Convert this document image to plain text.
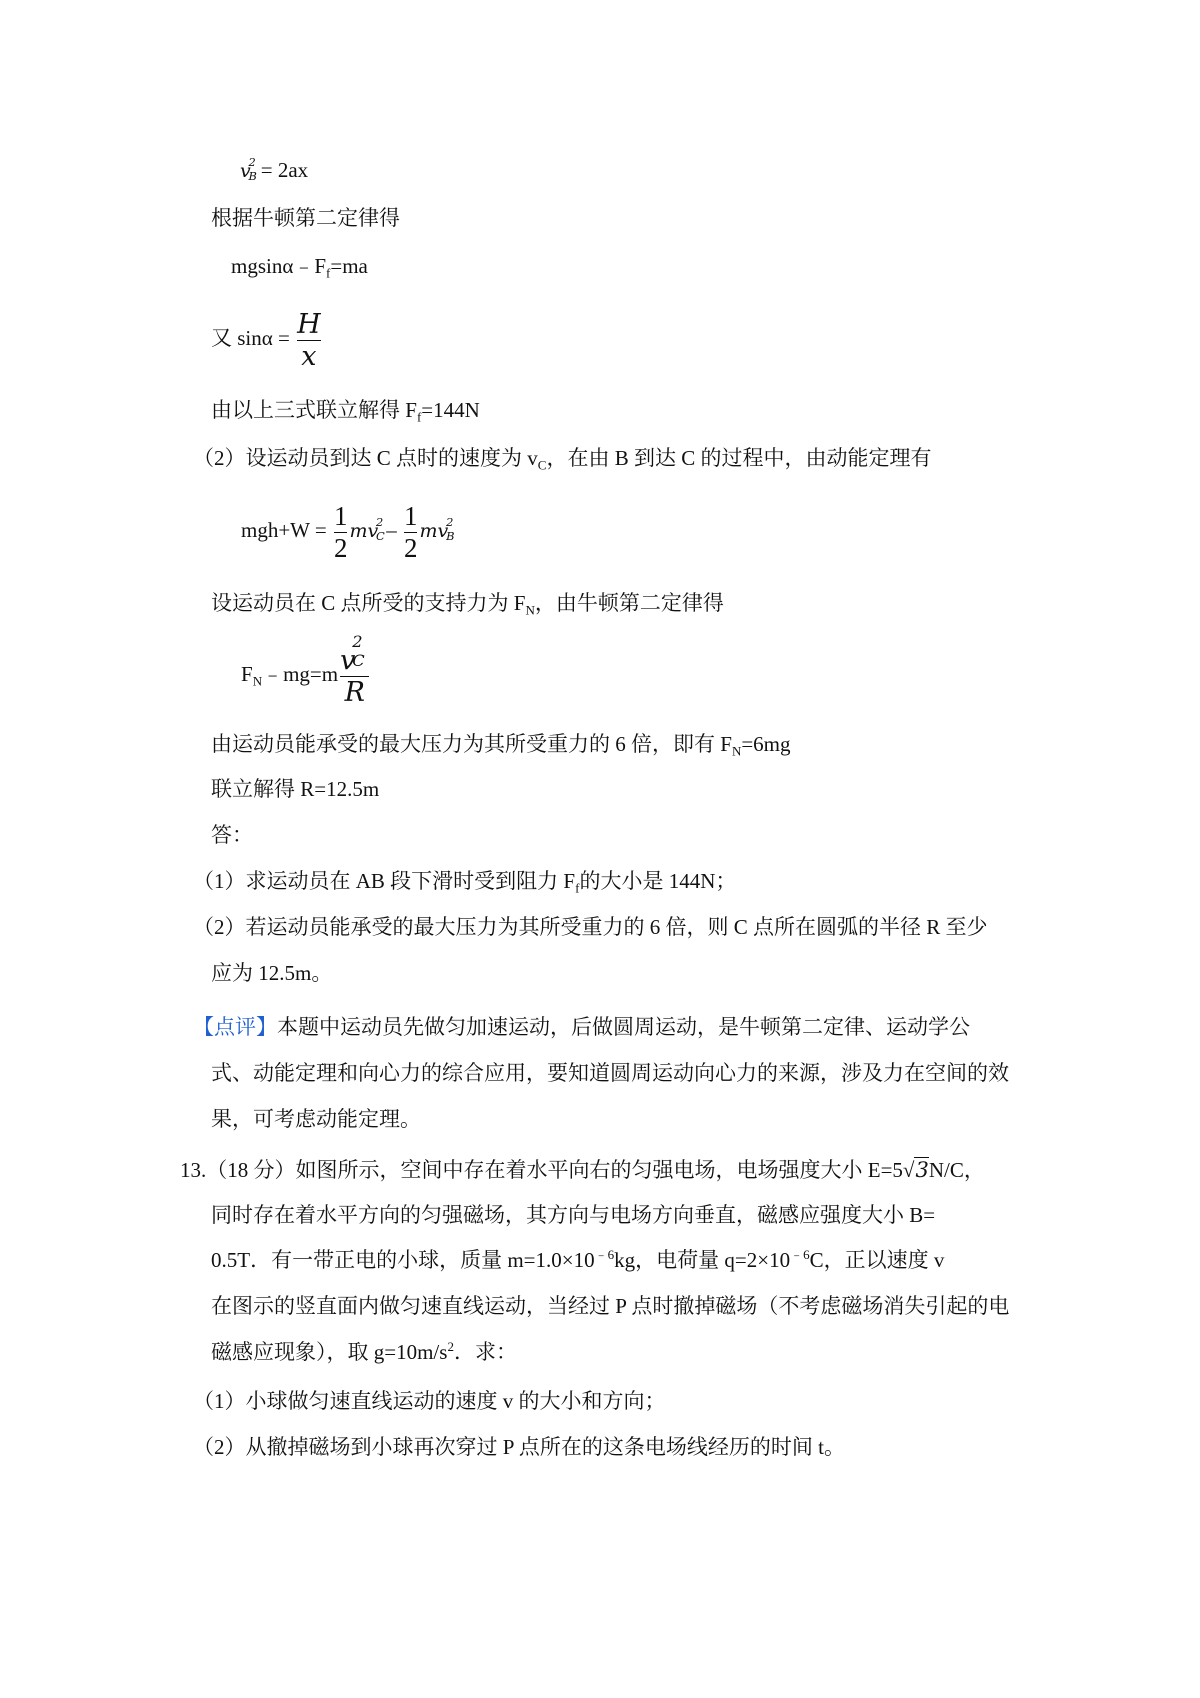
v
2
B = 2ax
根据牛顿第二定律得
$mgsin\alpha﹣F_f=ma$
又 $\sin\alpha = \frac{H}{x}$
由以上三式联立解得 $F_f=144N$
（2）设运动员到达 C 点时的速度为 $v_C$，在由 B 到达 C 的过程中，由动能定理有
$mgh+W = \frac{1}{2}$ mv
2
C – $\frac{1}{2}$ mv
2
B
设运动员在 C 点所受的支持力为 $F_N$，由牛顿第二定律得
$F_N﹣mg=m$ v
2
C
R
由运动员能承受的最大压力为其所受重力的 6 倍，即有 $F_N=6mg$
联立解得 R=12.5m
答：
（1）求运动员在 AB 段下滑时受到阻力 $F_f$的大小是 144N；
（2）若运动员能承受的最大压力为其所受重力的 6 倍，则 C 点所在圆弧的半径 R 至少
应为 12.5m。
【点评】本题中运动员先做匀加速运动，后做圆周运动，是牛顿第二定律、运动学公
式、动能定理和向心力的综合应用，要知道圆周运动向心力的来源，涉及力在空间的效
果，可考虑动能定理。
13.（18 分）如图所示，空间中存在着水平向右的匀强电场，电场强度大小 E=5√3N/C，
同时存在着水平方向的匀强磁场，其方向与电场方向垂直，磁感应强度大小 B=
0.5T．有一带正电的小球，质量 $m=1.0\times 10^{﹣6}kg$，电荷量 $q=2\times 10^{﹣6}C$，正以速度 v
在图示的竖直面内做匀速直线运动，当经过 P 点时撤掉磁场（不考虑磁场消失引起的电
磁感应现象），取 $g=10m/s^2$．求：
（1）小球做匀速直线运动的速度 v 的大小和方向；
（2）从撤掉磁场到小球再次穿过 P 点所在的这条电场线经历的时间 t。
